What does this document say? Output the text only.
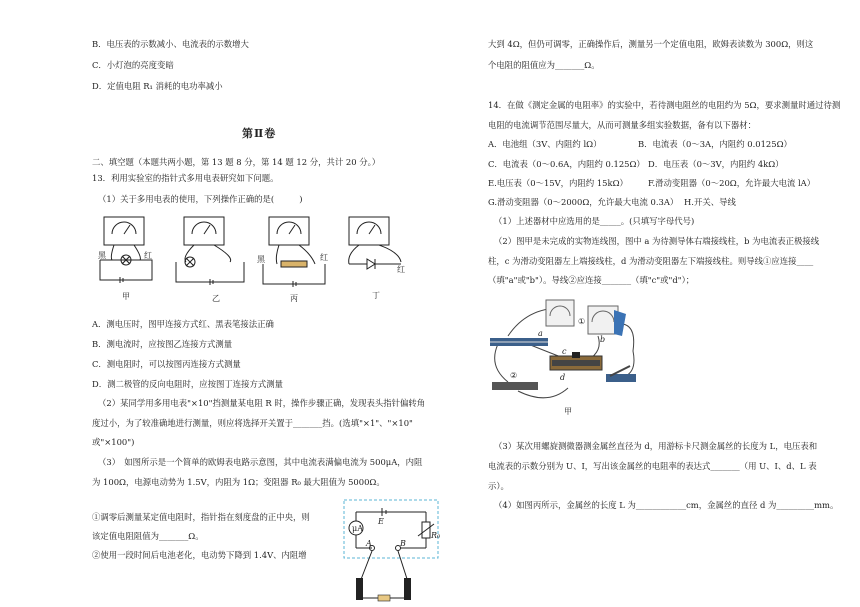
B．电压表的示数减小、电流表的示数增大
C．小灯泡的亮度变暗
D．定值电阻 R₁ 消耗的电功率减小
第Ⅱ卷
二、填空题（本题共两小题，第 13 题 8 分，第 14 题 12 分，共计 20 分。）
13．利用实验室的指针式多用电表研究如下问题。
（1）关于多用电表的使用，下列操作正确的是(　　　)
黑	红
甲	乙
黑	红
丙
红
丁
A．测电压时，图甲连接方式红、黑表笔接法正确
B．测电流时，应按图乙连接方式测量
C．测电阻时，可以按图丙连接方式测量
D．测二极管的反向电阻时，应按图丁连接方式测量
（2）某同学用多用电表"×10"挡测量某电阻 R 时，操作步骤正确，发现表头指针偏转角
度过小，为了较准确地进行测量，则应将选择开关置于_______挡。(选填"×1"、"×10"
或"×100")
（3）　如图所示是一个简单的欧姆表电路示意图，其中电流表满偏电流为 500μA，内阻
为 100Ω，电源电动势为 1.5V，内阻为 1Ω；变阻器 R₀ 最大阻值为 5000Ω。
①调零后测量某定值电阻时，指针指在刻度盘的正中央，则
该定值电阻阻值为_______Ω。
②使用一段时间后电池老化，电动势下降到 1.4V、内阻增
μA
E
R₀
A	B
大到 4Ω，但仍可调零，正确操作后，测量另一个定值电阻，欧姆表读数为 300Ω，则这
个电阻的阻值应为_______Ω。
14．在做《测定金属的电阻率》的实验中，若待测电阻丝的电阻约为 5Ω，要求测量时通过待测
电阻的电流调节范围尽量大，从而可测量多组实验数据，备有以下器材：
A．电池组（3V、内阻约 lΩ）	B．电流表（0～3A，内阻约 0.0125Ω）
C．电流表（0～0.6A，内阻约 0.125Ω） D．电压表（0～3V，内阻约 4kΩ）
E.电压表（0～15V，内阻约 15kΩ） F.滑动变阻器（0～20Ω，允许最大电流 lA）
G.滑动变阻器（0～2000Ω，允许最大电流 0.3A） H.开关、导线
（1）上述器材中应选用的是_____。(只填写字母代号)
（2）图甲是未完成的实物连线图，图中 a 为待测导体右端接线柱，b 为电流表正极接线
柱，c 为滑动变阻器左上端接线柱，d 为滑动变阻器左下端接线柱。则导线①应连接____
（填"a"或"b"）。导线②应连接_______（填"c"或"d"）；
①
②
a
b
c
d
甲
（3）某次用螺旋测微器测金属丝直径为 d，用游标卡尺测金属丝的长度为 L，电压表和
电流表的示数分别为 U、I，写出该金属丝的电阻率的表达式_______（用 U、I、d、L 表
示）。
（4）如图丙所示，金属丝的长度 L 为____________cm，金属丝的直径 d 为_________mm。
